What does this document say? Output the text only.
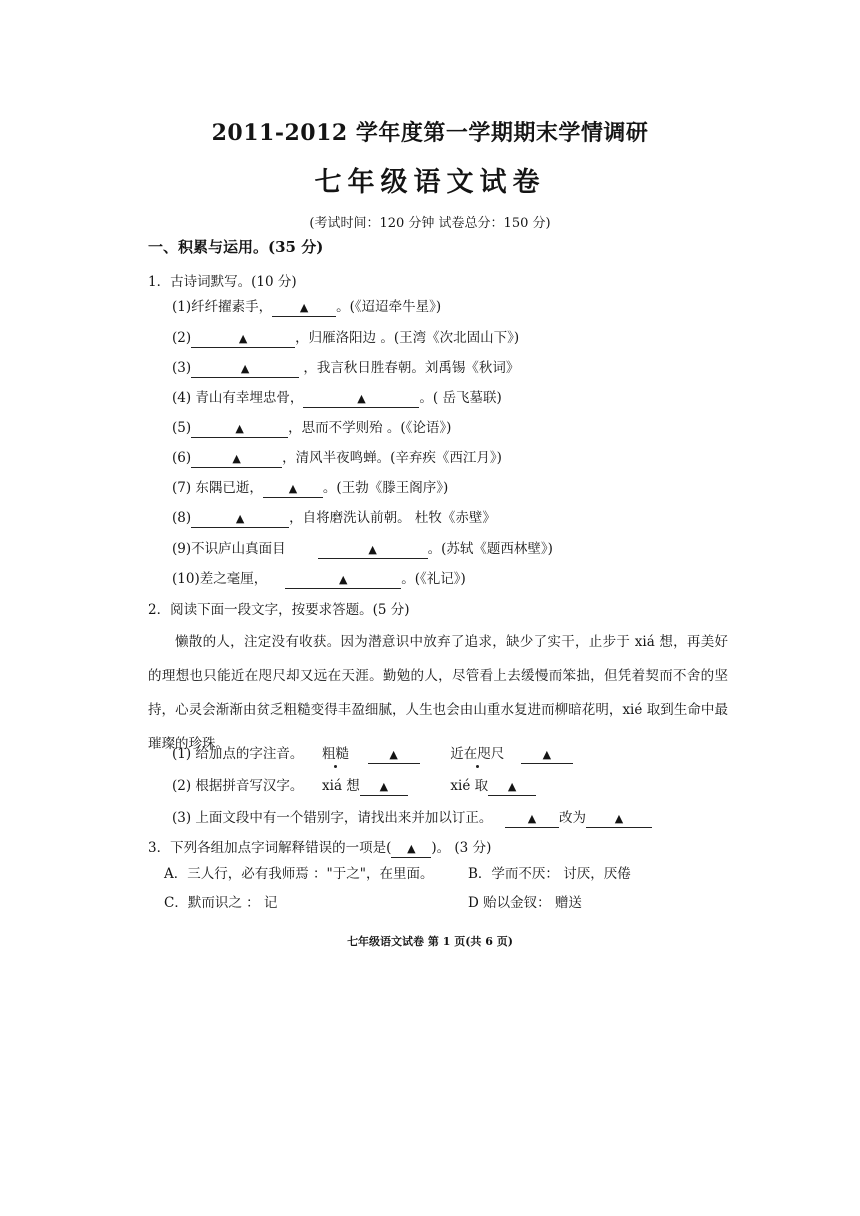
2011-2012 学年度第一学期期末学情调研
七年级语文试卷
(考试时间：120 分钟 试卷总分：150 分)
一、积累与运用。(35 分)
1．古诗词默写。(10 分)
(1)纤纤擢素手，	▲ 。(《迢迢牵牛星》)
(2)	▲	，归雁洛阳边 。(王湾《次北固山下》)
(3)	▲	，我言秋日胜春朝。刘禹锡《秋词》
(4) 青山有幸埋忠骨，	▲	。( 岳飞墓联)
(5)	▲	，思而不学则殆 。(《论语》)
(6)	▲	，清风半夜鸣蝉。(辛弃疾《西江月》)
(7) 东隅已逝， ▲ 。(王勃《滕王阁序》)
(8)	▲	，自将磨洗认前朝。 杜牧《赤壁》
(9)不识庐山真面目	▲	。(苏轼《题西林壁》)
(10)差之毫厘，	▲	。(《礼记》)
2．阅读下面一段文字，按要求答题。(5 分)
懒散的人，注定没有收获。因为潜意识中放弃了追求，缺少了实干，止步于 xiá 想，再美好的理想也只能近在咫尺却又远在天涯。勤勉的人，尽管看上去缓慢而笨拙，但凭着契而不舍的坚持，心灵会渐渐由贫乏粗糙变得丰盈细腻，人生也会由山重水复进而柳暗花明，xié 取到生命中最璀璨的珍珠。
(1) 给加点的字注音。 粗糙	▲	近在咫尺	▲
(2) 根据拼音写汉字。 xiá 想 ▲	xié 取 ▲
(3) 上面文段中有一个错别字，请找出来并加以订正。	▲ 改为	▲
3．下列各组加点字词解释错误的一项是( ▲ )。 (3 分)
A．三人行，必有我师焉 ："于之"，在里面。	B．学而不厌： 讨厌，厌倦
C．默而识之 ： 记	D 贻以金钗： 赠送
七年级语文试卷 第 1 页(共 6 页)
